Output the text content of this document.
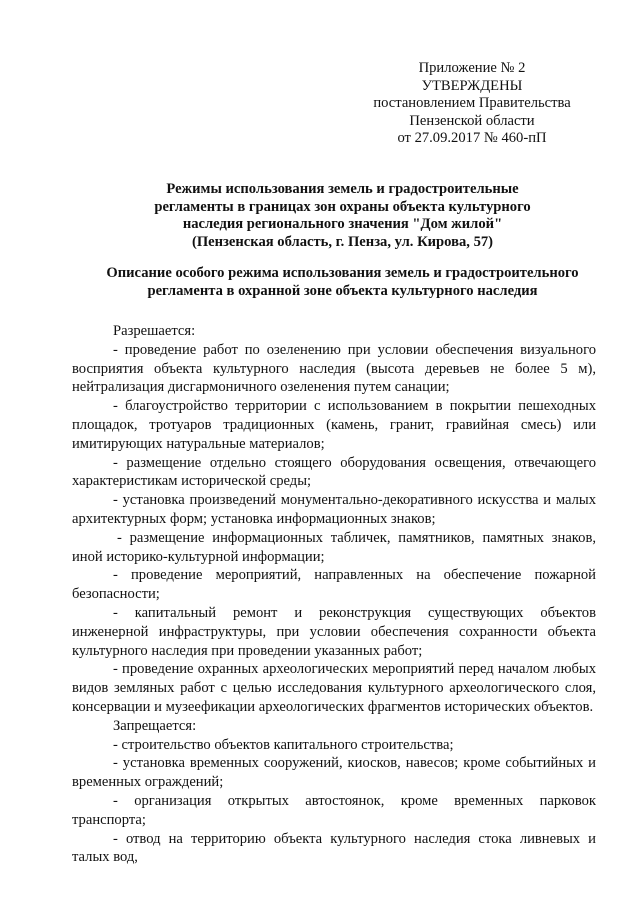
Приложение № 2
УТВЕРЖДЕНЫ
постановлением Правительства
Пензенской области
от 27.09.2017 № 460-пП
Режимы использования земель и градостроительные
регламенты в границах зон охраны объекта культурного
наследия регионального значения "Дом жилой"
(Пензенская область, г. Пенза, ул. Кирова, 57)
Описание особого режима использования земель и градостроительного
регламента в охранной зоне объекта культурного наследия

Разрешается:

- проведение работ по озеленению при условии обеспечения визуального восприятия объекта культурного наследия (высота деревьев не более 5 м), нейтрализация дисгармоничного озеленения путем санации;

- благоустройство территории с использованием в покрытии пешеходных площадок, тротуаров традиционных (камень, гранит, гравийная смесь) или имитирующих натуральные материалов;

- размещение отдельно стоящего оборудования освещения, отвечающего характеристикам исторической среды;

- установка произведений монументально-декоративного искусства и малых архитектурных форм; установка информационных знаков;

- размещение информационных табличек, памятников, памятных знаков, иной историко-культурной информации;

- проведение мероприятий, направленных на обеспечение пожарной безопасности;

- капитальный ремонт и реконструкция существующих объектов инженерной инфраструктуры, при условии обеспечения сохранности объекта культурного наследия при проведении указанных работ;

- проведение охранных археологических мероприятий перед началом любых видов земляных работ с целью исследования культурного археологического слоя, консервации и музеефикации археологических фрагментов исторических объектов.

Запрещается:

- строительство объектов капитального строительства;

- установка временных сооружений, киосков, навесов; кроме событийных и временных ограждений;

- организация открытых автостоянок, кроме временных парковок транспорта;

- отвод на территорию объекта культурного наследия стока ливневых и талых вод,
